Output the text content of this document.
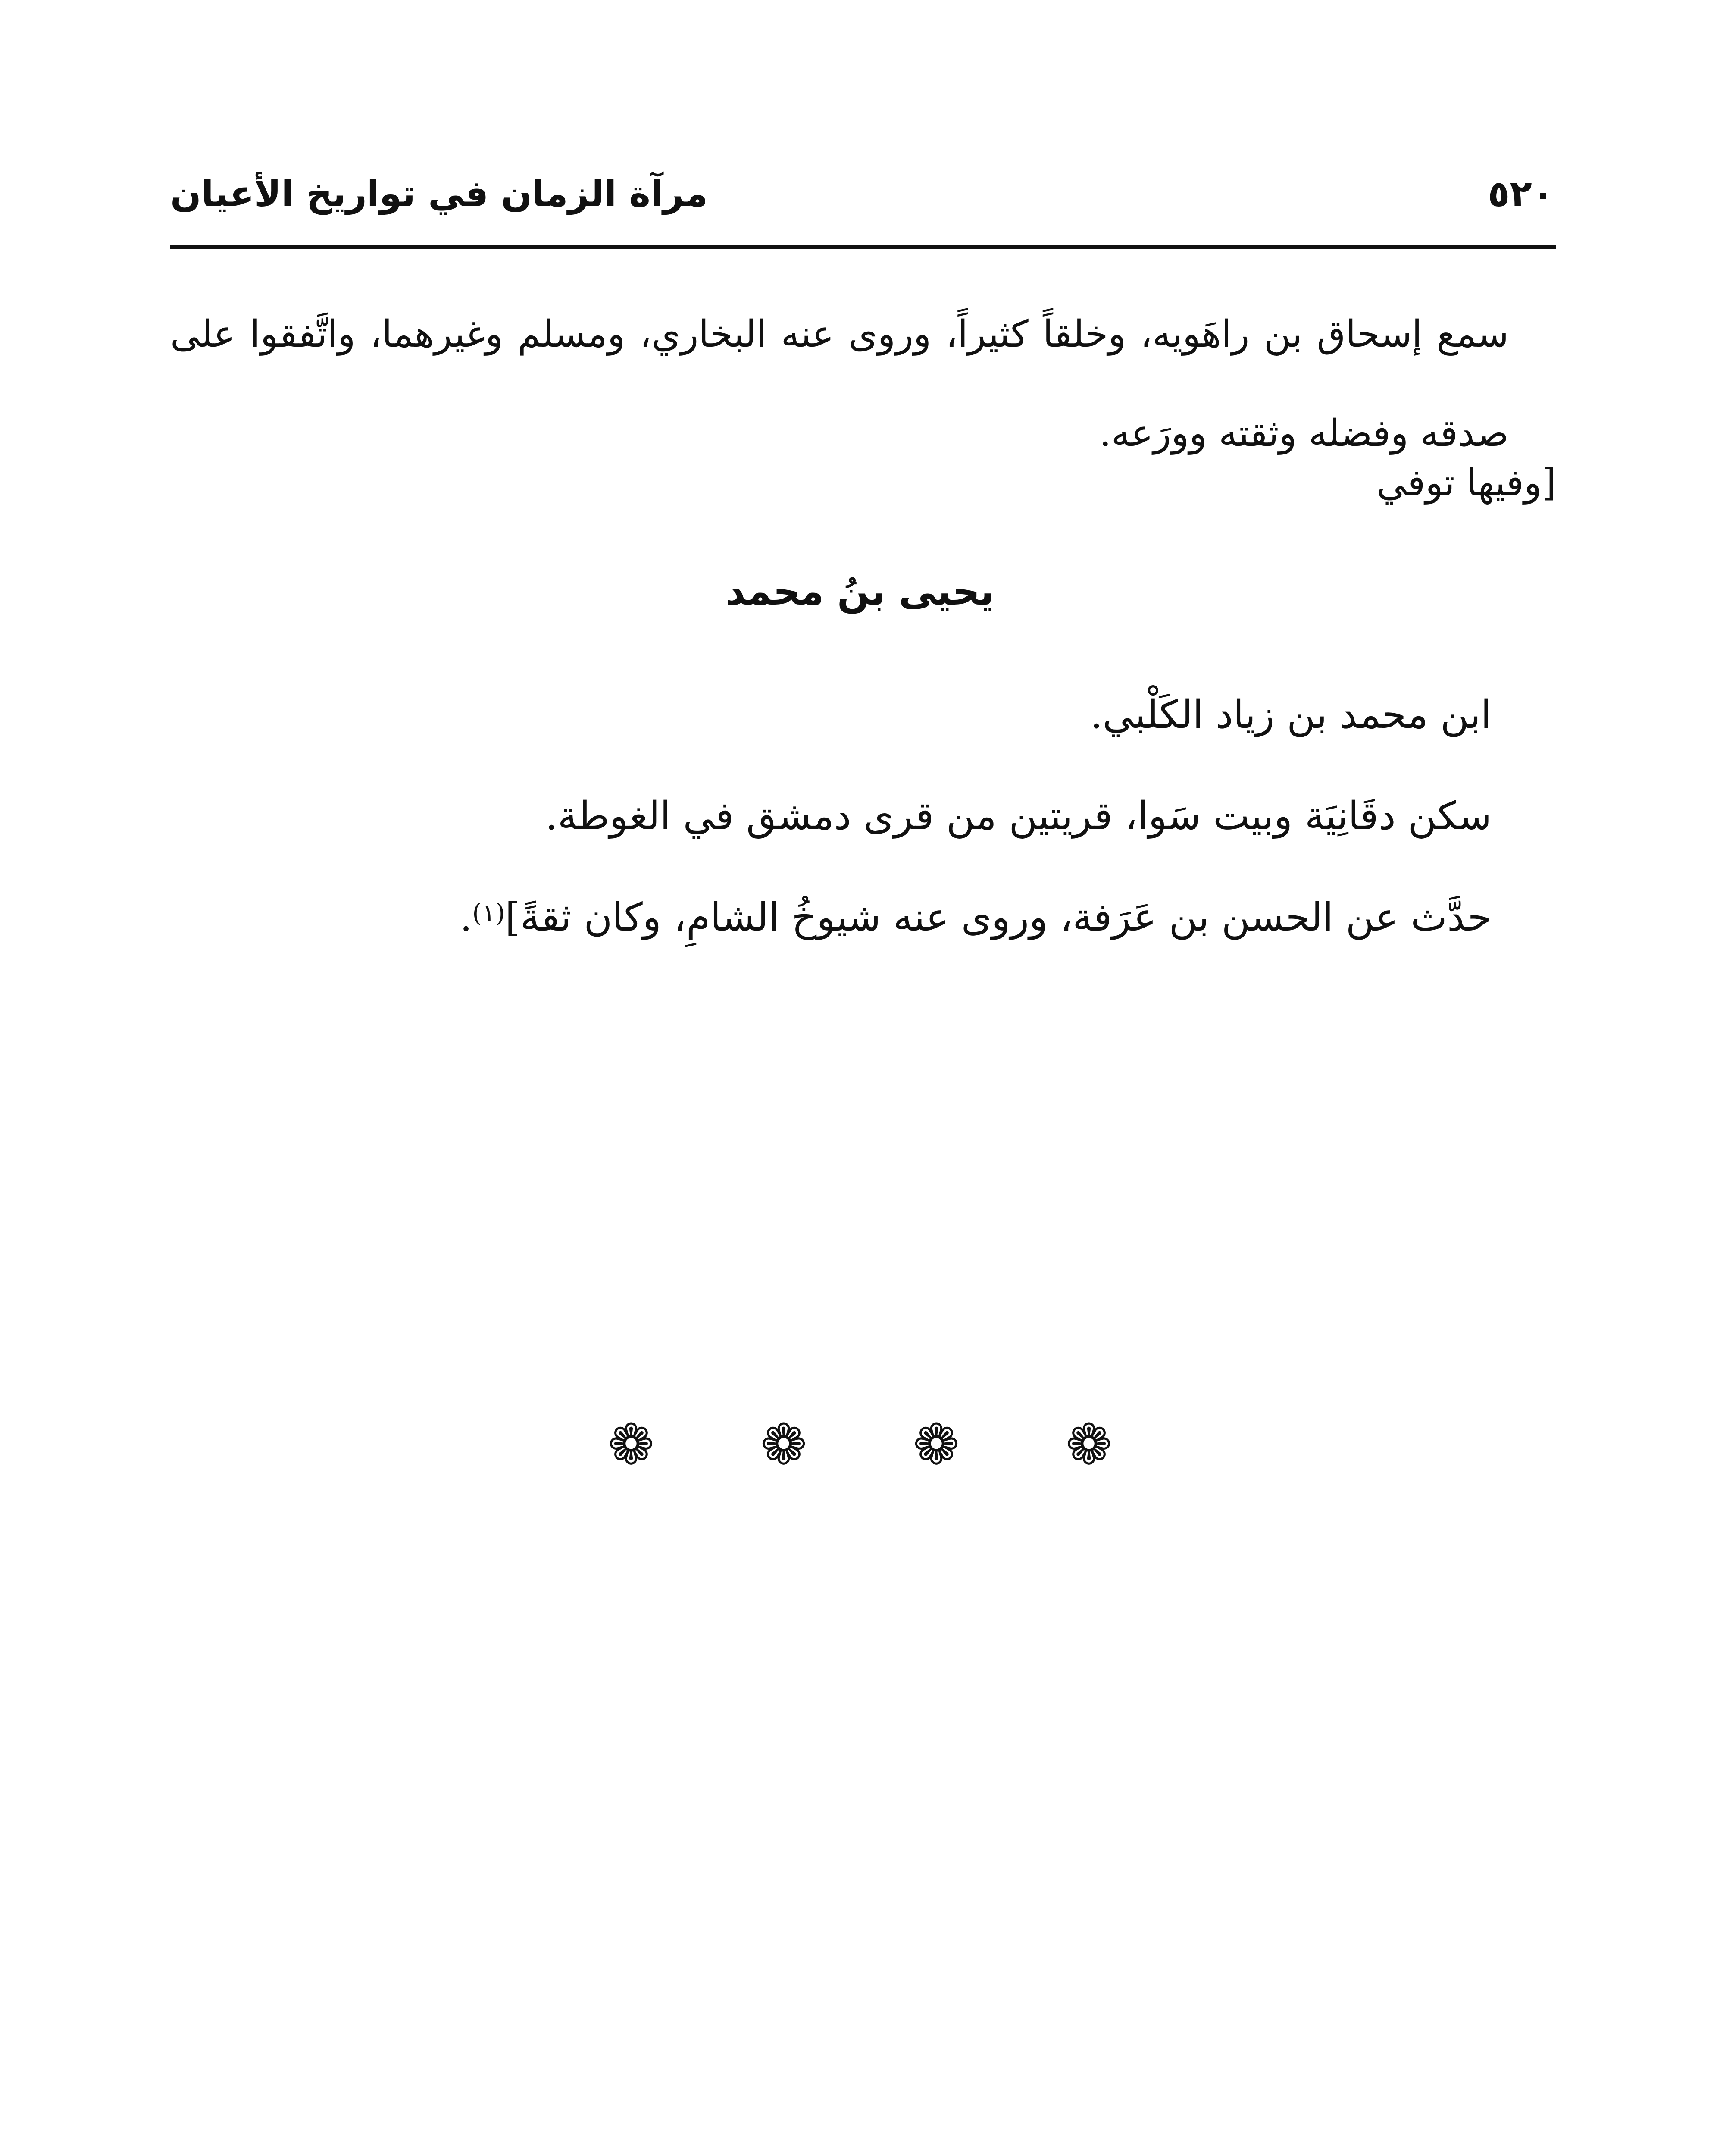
٥٢٠
مرآة الزمان في تواريخ الأعيان

سمع إسحاق بن راهَويه، وخلقاً كثيراً، وروى عنه البخاري، ومسلم وغيرهما، واتَّفقوا على صدقه وفضله وثقته وورَعه.

[وفيها توفي
يحيى بنُ محمد
ابن محمد بن زياد الكَلْبي.
سكن دقَانِيَة وبيت سَوا، قريتين من قرى دمشق في الغوطة.
حدَّث عن الحسن بن عَرَفة، وروى عنه شيوخُ الشامِ، وكان ثقةً]$^{(١)}$.
❁ ❁ ❁ ❁
